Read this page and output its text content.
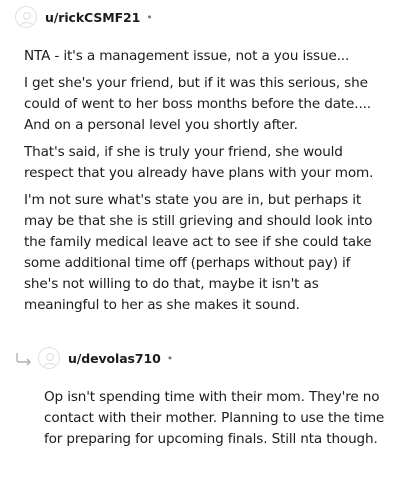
u/rickCSMF21 •

NTA - it's a management issue, not a you issue...

I get she's your friend, but if it was this serious, she could of went to her boss months before the date.... And on a personal level you shortly after.

That's said, if she is truly your friend, she would respect that you already have plans with your mom.

I'm not sure what's state you are in, but perhaps it may be that she is still grieving and should look into the family medical leave act to see if she could take some additional time off (perhaps without pay) if she's not willing to do that, maybe it isn't as meaningful to her as she makes it sound.

u/devolas710 •

Op isn't spending time with their mom. They're no contact with their mother. Planning to use the time for preparing for upcoming finals. Still nta though.
